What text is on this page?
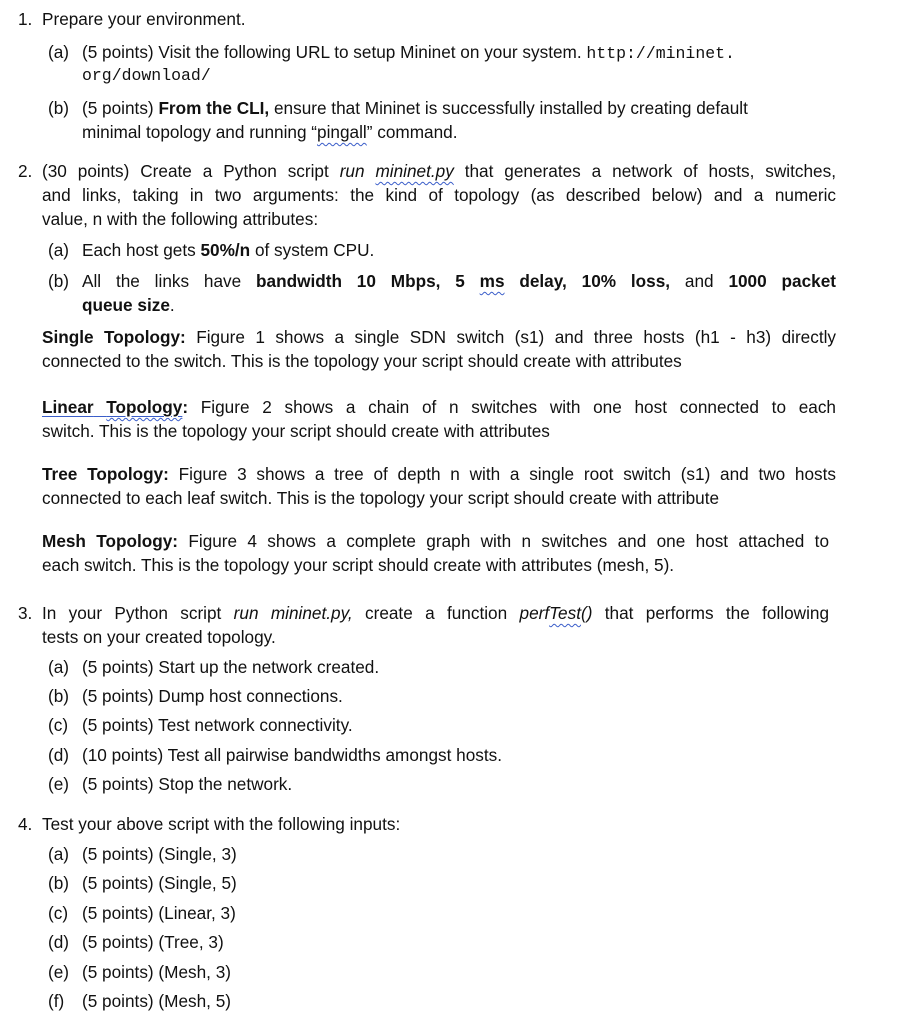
1. Prepare your environment.
(a) (5 points) Visit the following URL to setup Mininet on your system. http://mininet.
org/download/
(b) (5 points) From the CLI, ensure that Mininet is successfully installed by creating default
minimal topology and running “pingall” command.
2. (30 points) Create a Python script run mininet.py that generates a network of hosts, switches,
and links, taking in two arguments: the kind of topology (as described below) and a numeric
value, n with the following attributes:
(a) Each host gets 50%/n of system CPU.
(b) All the links have bandwidth 10 Mbps, 5 ms delay, 10% loss, and 1000 packet
queue size.
Single Topology: Figure 1 shows a single SDN switch (s1) and three hosts (h1 - h3) directly
connected to the switch. This is the topology your script should create with attributes
Linear Topology: Figure 2 shows a chain of n switches with one host connected to each
switch. This is the topology your script should create with attributes
Tree Topology: Figure 3 shows a tree of depth n with a single root switch (s1) and two hosts
connected to each leaf switch. This is the topology your script should create with attribute
Mesh Topology: Figure 4 shows a complete graph with n switches and one host attached to
each switch. This is the topology your script should create with attributes (mesh, 5).
3. In your Python script run mininet.py, create a function perfTest() that performs the following
tests on your created topology.
(a) (5 points) Start up the network created.
(b) (5 points) Dump host connections.
(c) (5 points) Test network connectivity.
(d) (10 points) Test all pairwise bandwidths amongst hosts.
(e) (5 points) Stop the network.
4. Test your above script with the following inputs:
(a) (5 points) (Single, 3)
(b) (5 points) (Single, 5)
(c) (5 points) (Linear, 3)
(d) (5 points) (Tree, 3)
(e) (5 points) (Mesh, 3)
(f) (5 points) (Mesh, 5)
